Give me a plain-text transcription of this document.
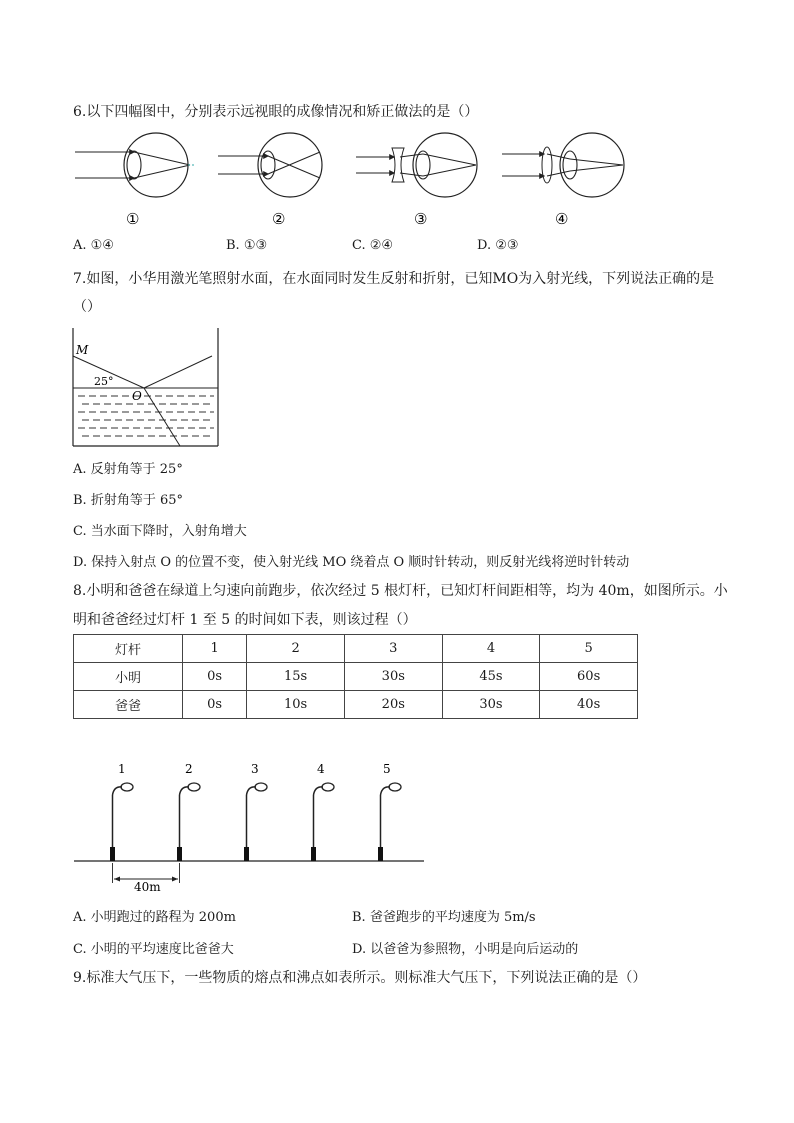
6.以下四幅图中，分别表示远视眼的成像情况和矫正做法的是（）
①	②	③	④
A. ①④	B. ①③	C. ②④	D. ②③
7.如图，小华用激光笔照射水面，在水面同时发生反射和折射，已知MO为入射光线，下列说法正确的是
（）
M
O
25°
A. 反射角等于 25°
B. 折射角等于 65°
C. 当水面下降时，入射角增大
D. 保持入射点 O 的位置不变，使入射光线 MO 绕着点 O 顺时针转动，则反射光线将逆时针转动
8.小明和爸爸在绿道上匀速向前跑步，依次经过 5 根灯杆，已知灯杆间距相等，均为 40m，如图所示。小
明和爸爸经过灯杆 1 至 5 的时间如下表，则该过程（）
灯杆	1	2	3	4	5
小明	0s	15s	30s	45s	60s
爸爸	0s	10s	20s	30s	40s
1	2	3	4	5
40m
A. 小明跑过的路程为 200m	B. 爸爸跑步的平均速度为 5m/s
C. 小明的平均速度比爸爸大	D. 以爸爸为参照物，小明是向后运动的
9.标准大气压下，一些物质的熔点和沸点如表所示。则标准大气压下，下列说法正确的是（）
